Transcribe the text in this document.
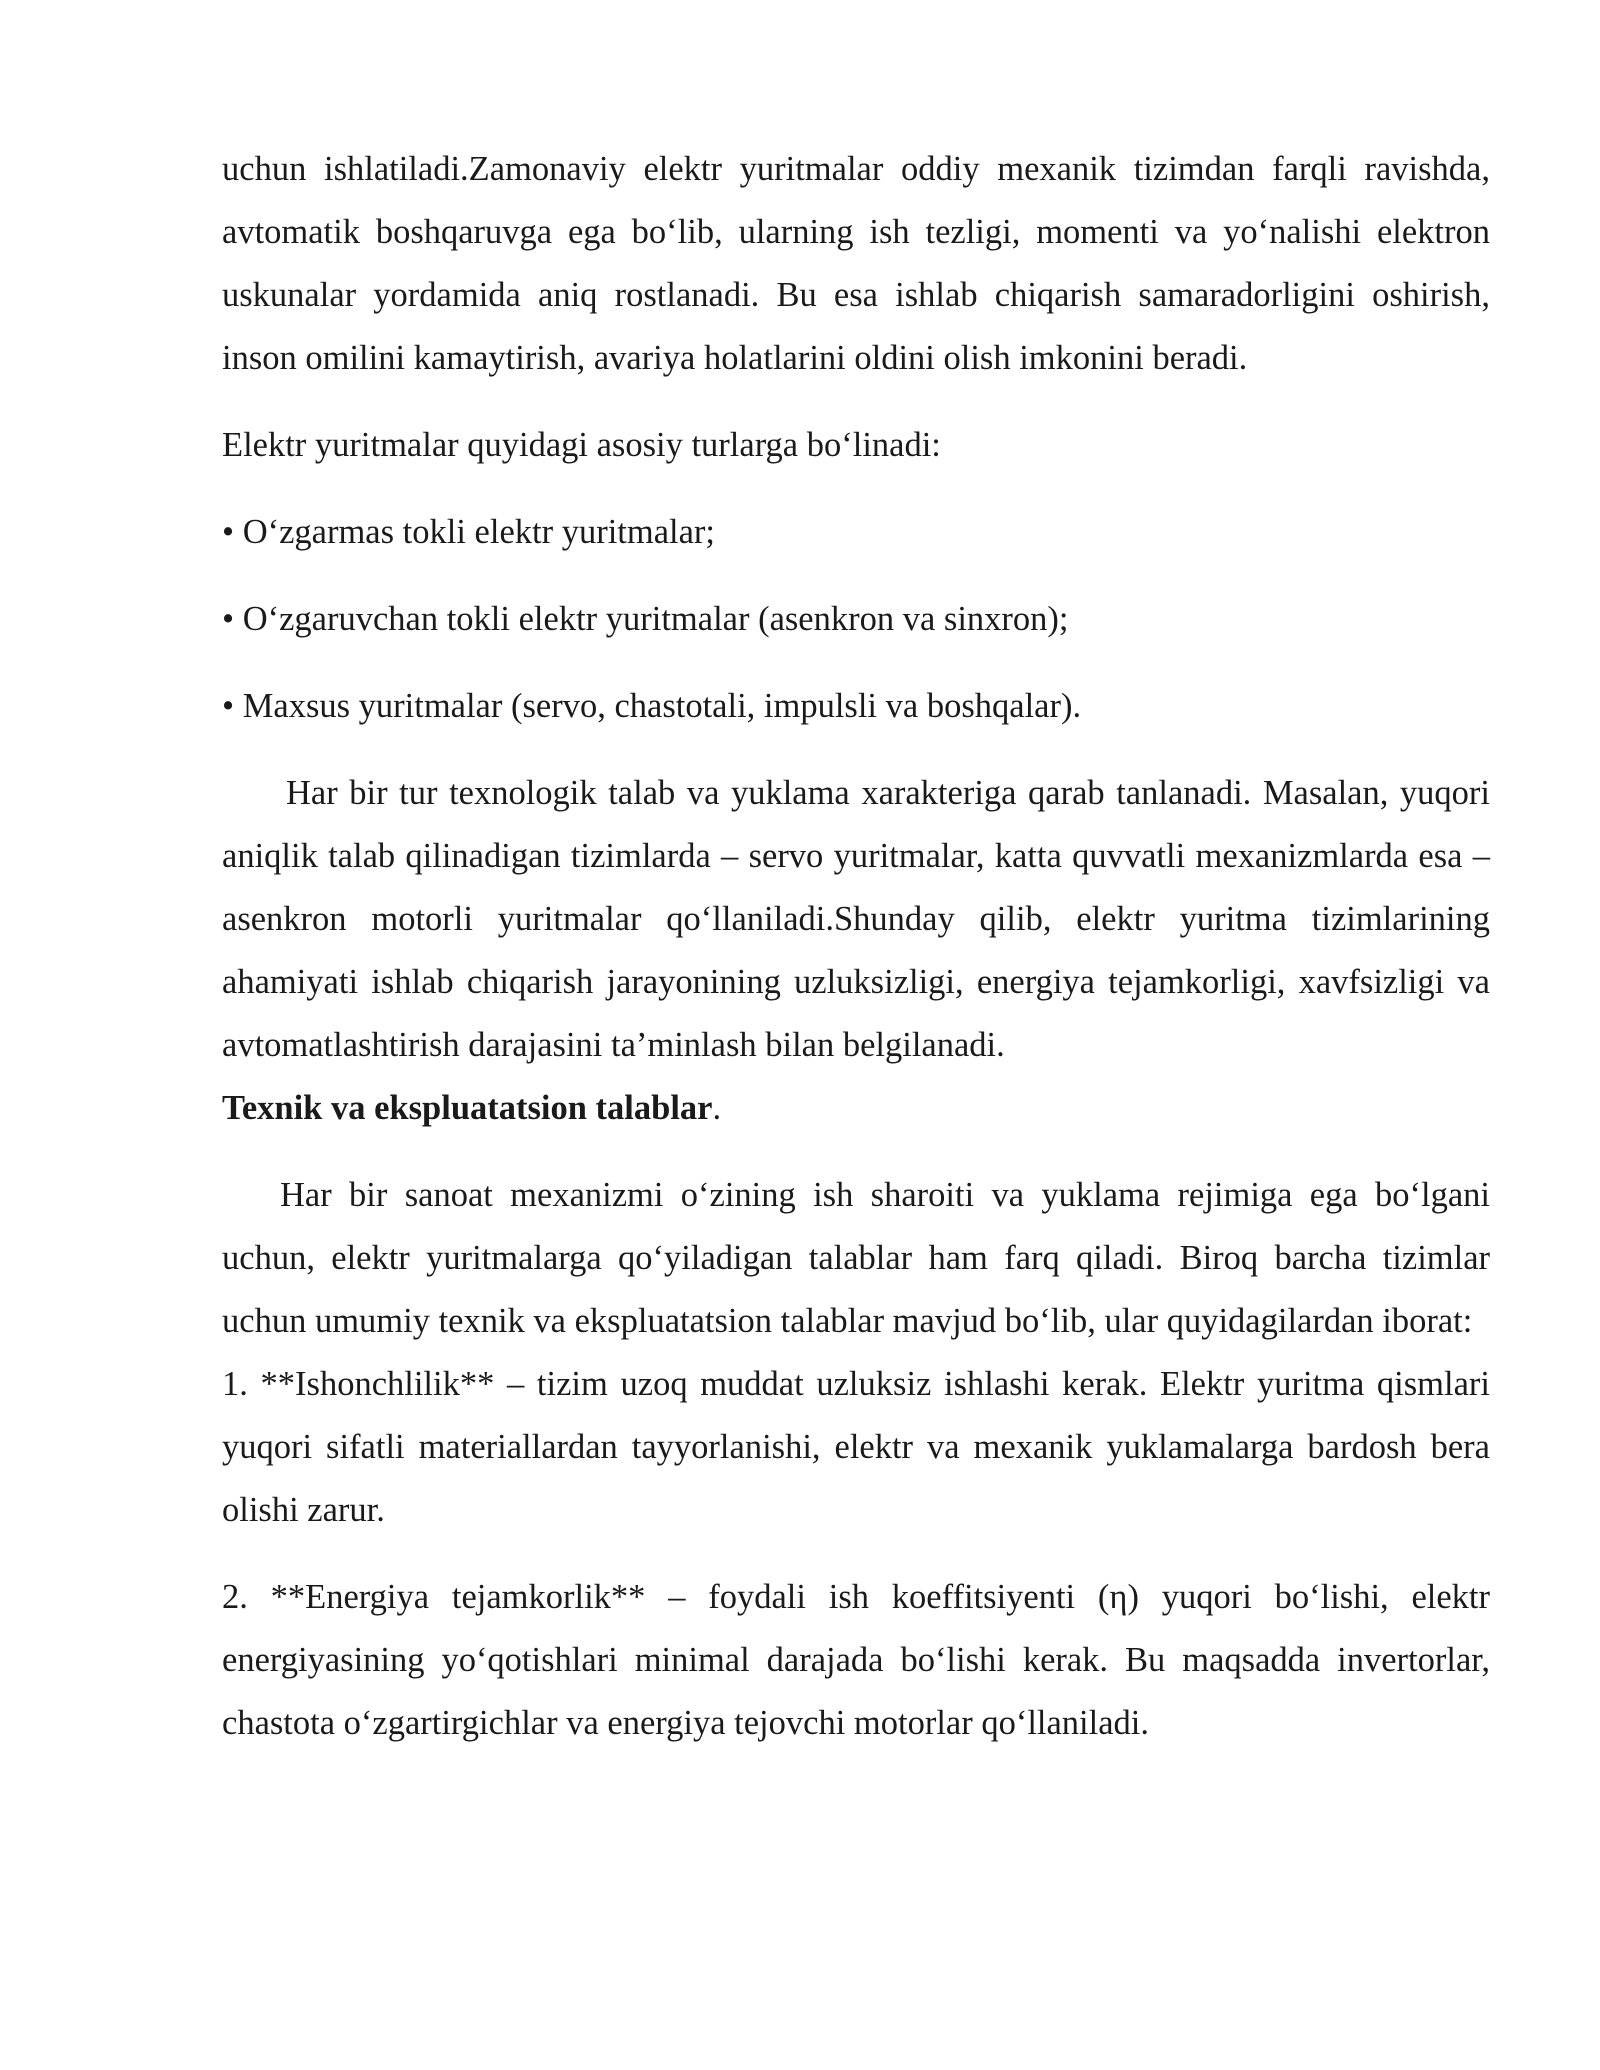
uchun ishlatiladi.Zamonaviy elektr yuritmalar oddiy mexanik tizimdan farqli ravishda, avtomatik boshqaruvga ega bo‘lib, ularning ish tezligi, momenti va yo‘nalishi elektron uskunalar yordamida aniq rostlanadi. Bu esa ishlab chiqarish samaradorligini oshirish, inson omilini kamaytirish, avariya holatlarini oldini olish imkonini beradi.

Elektr yuritmalar quyidagi asosiy turlarga bo‘linadi:

• O‘zgarmas tokli elektr yuritmalar;

• O‘zgaruvchan tokli elektr yuritmalar (asenkron va sinxron);

• Maxsus yuritmalar (servo, chastotali, impulsli va boshqalar).

Har bir tur texnologik talab va yuklama xarakteriga qarab tanlanadi. Masalan, yuqori aniqlik talab qilinadigan tizimlarda – servo yuritmalar, katta quvvatli mexanizmlarda esa – asenkron motorli yuritmalar qo‘llaniladi.Shunday qilib, elektr yuritma tizimlarining ahamiyati ishlab chiqarish jarayonining uzluksizligi, energiya tejamkorligi, xavfsizligi va avtomatlashtirish darajasini ta’minlash bilan belgilanadi.

Texnik va ekspluatatsion talablar.

Har bir sanoat mexanizmi o‘zining ish sharoiti va yuklama rejimiga ega bo‘lgani uchun, elektr yuritmalarga qo‘yiladigan talablar ham farq qiladi. Biroq barcha tizimlar uchun umumiy texnik va ekspluatatsion talablar mavjud bo‘lib, ular quyidagilardan iborat:

1. **Ishonchlilik** – tizim uzoq muddat uzluksiz ishlashi kerak. Elektr yuritma qismlari yuqori sifatli materiallardan tayyorlanishi, elektr va mexanik yuklamalarga bardosh bera olishi zarur.

2. **Energiya tejamkorlik** – foydali ish koeffitsiyenti (η) yuqori bo‘lishi, elektr energiyasining yo‘qotishlari minimal darajada bo‘lishi kerak. Bu maqsadda invertorlar, chastota o‘zgartirgichlar va energiya tejovchi motorlar qo‘llaniladi.
